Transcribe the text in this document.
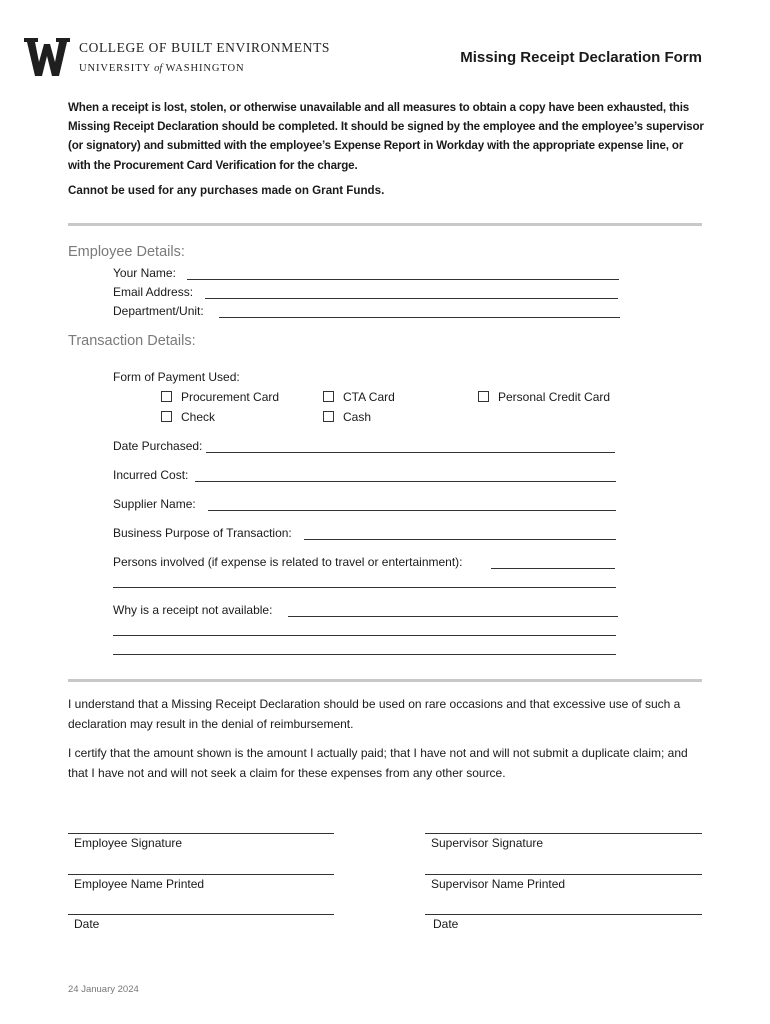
COLLEGE OF BUILT ENVIRONMENTS
UNIVERSITY of WASHINGTON
Missing Receipt Declaration Form

When a receipt is lost, stolen, or otherwise unavailable and all measures to obtain a copy have been exhausted, this Missing Receipt Declaration should be completed. It should be signed by the employee and the employee’s supervisor (or signatory) and submitted with the employee’s Expense Report in Workday with the appropriate expense line, or with the Procurement Card Verification for the charge.

Cannot be used for any purchases made on Grant Funds.
Employee Details:
Your Name:
Email Address:
Department/Unit:
Transaction Details:
Form of Payment Used:
Procurement Card	CTA Card	Personal Credit Card
Check	Cash
Date Purchased:
Incurred Cost:
Supplier Name:
Business Purpose of Transaction:
Persons involved (if expense is related to travel or entertainment):
Why is a receipt not available:

I understand that a Missing Receipt Declaration should be used on rare occasions and that excessive use of such a declaration may result in the denial of reimbursement.

I certify that the amount shown is the amount I actually paid; that I have not and will not submit a duplicate claim; and that I have not and will not seek a claim for these expenses from any other source.

Employee Signature	Supervisor Signature
Employee Name Printed	Supervisor Name Printed
Date	Date
24 January 2024
